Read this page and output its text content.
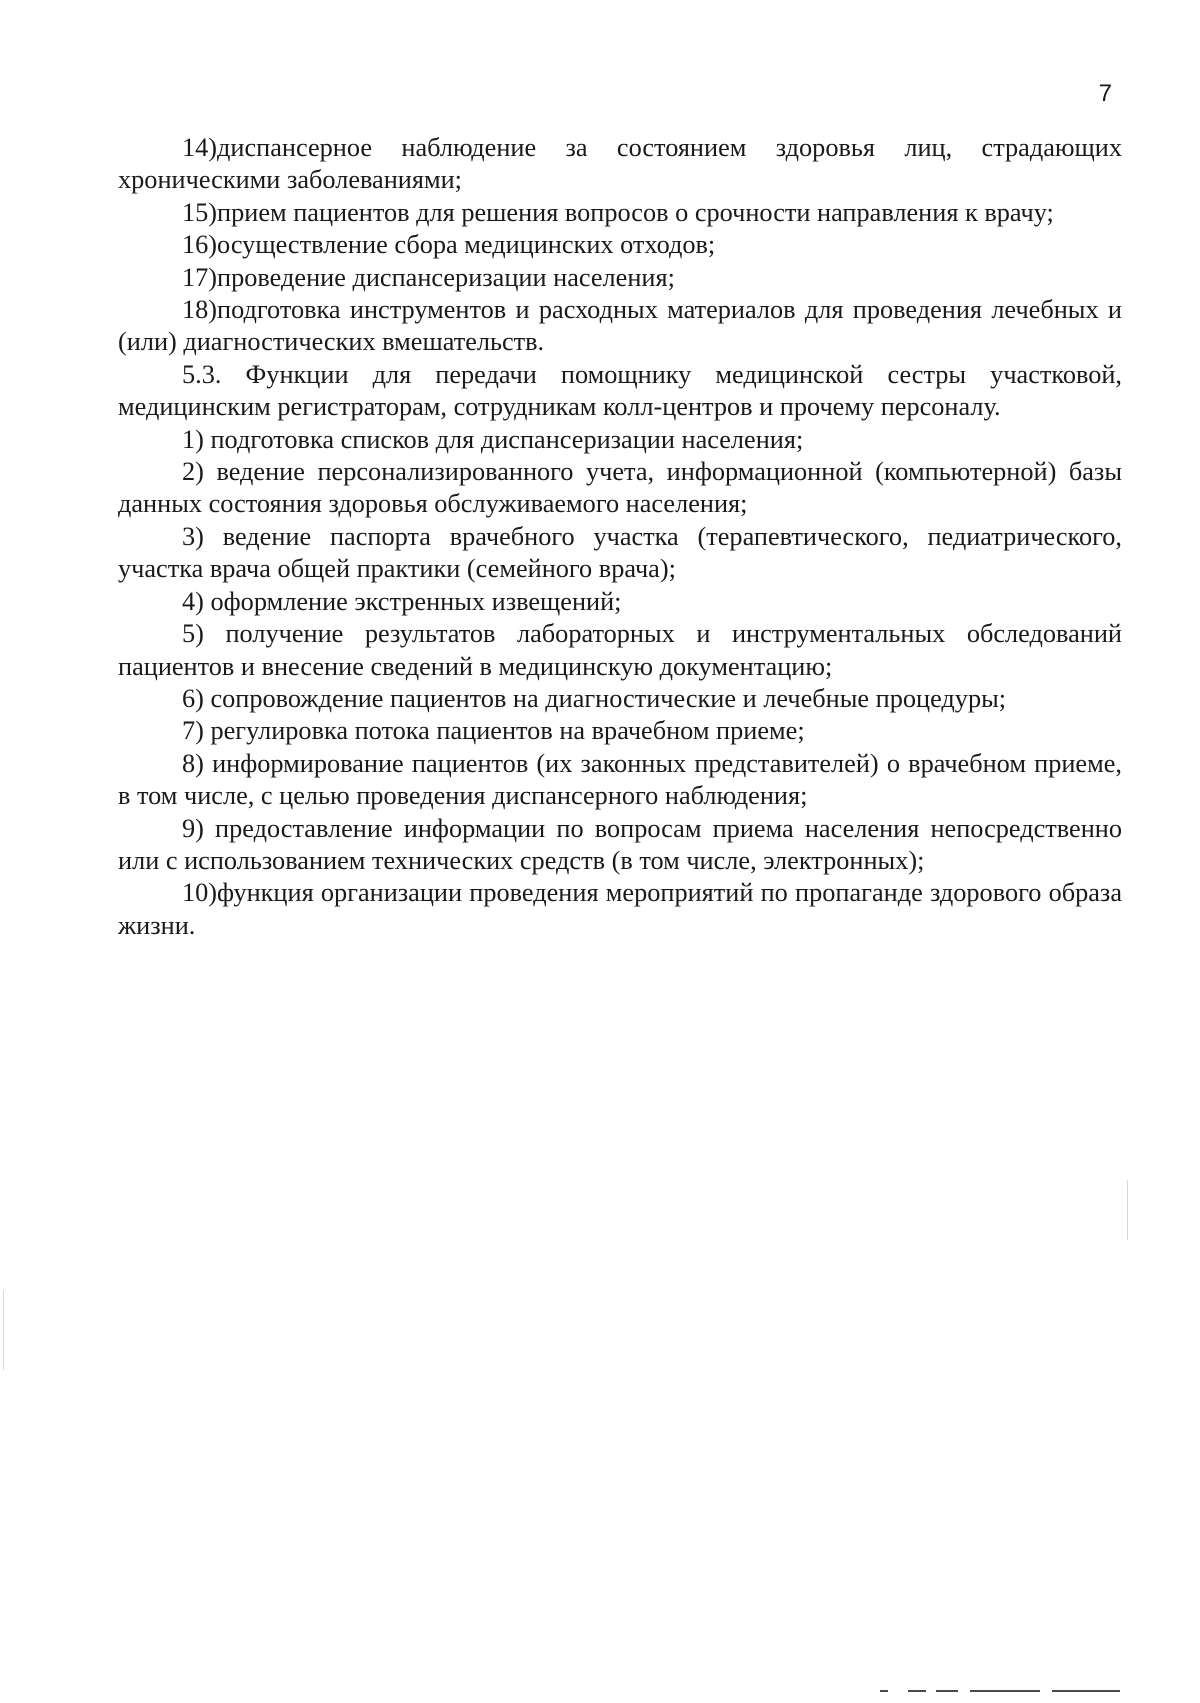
7

14)диспансерное наблюдение за состоянием здоровья лиц, страдающих хроническими заболеваниями;

15)прием пациентов для решения вопросов о срочности направления к врачу;

16)осуществление сбора медицинских отходов;

17)проведение диспансеризации населения;

18)подготовка инструментов и расходных материалов для проведения лечебных и (или) диагностических вмешательств.

5.3. Функции для передачи помощнику медицинской сестры участковой, медицинским регистраторам, сотрудникам колл-центров и прочему персоналу.

1) подготовка списков для диспансеризации населения;

2) ведение персонализированного учета, информационной (компьютерной) базы данных состояния здоровья обслуживаемого населения;

3) ведение паспорта врачебного участка (терапевтического, педиатрического, участка врача общей практики (семейного врача);

4) оформление экстренных извещений;

5) получение результатов лабораторных и инструментальных обследований пациентов и внесение сведений в медицинскую документацию;

6) сопровождение пациентов на диагностические и лечебные процедуры;

7) регулировка потока пациентов на врачебном приеме;

8) информирование пациентов (их законных представителей) о врачебном приеме, в том числе, с целью проведения диспансерного наблюдения;

9) предоставление информации по вопросам приема населения непосредственно или с использованием технических средств (в том числе, электронных);

10)функция организации проведения мероприятий по пропаганде здорового образа жизни.
